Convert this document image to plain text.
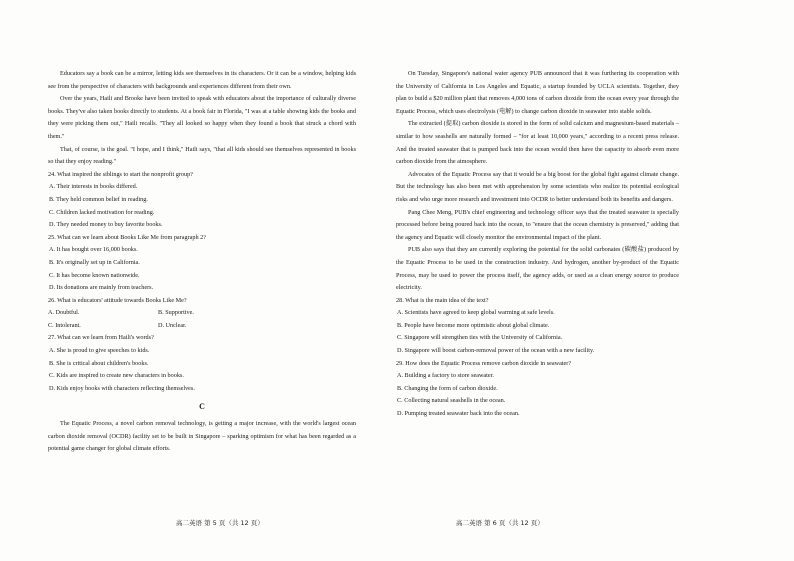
Educators say a book can be a mirror, letting kids see themselves in its characters. Or it can be a window, helping kids see from the perspective of characters with backgrounds and experiences different from their own.

Over the years, Haili and Brooke have been invited to speak with educators about the importance of culturally diverse books. They've also taken books directly to students. At a book fair in Florida, "I was at a table showing kids the books and they were picking them out," Haili recalls. "They all looked so happy when they found a book that struck a chord with them."

That, of course, is the goal. "I hope, and I think," Haili says, "that all kids should see themselves represented in books so that they enjoy reading."

24. What inspired the siblings to start the nonprofit group?

A. Their interests in books differed.

B. They held common belief in reading.

C. Children lacked motivation for reading.

D. They needed money to buy favorite books.

25. What can we learn about Books Like Me from paragraph 2?

A. It has bought over 16,000 books.

B. It's originally set up in California.

C. It has become known nationwide.

D. Its donations are mainly from teachers.

26. What is educators' attitude towards Books Like Me?

A. Doubtful.	B. Supportive.
C. Intolerant.	D. Unclear.

27. What can we learn from Haili's words?

A. She is proud to give speeches to kids.

B. She is critical about children's books.

C. Kids are inspired to create new characters in books.

D. Kids enjoy books with characters reflecting themselves.

C

The Equatic Process, a novel carbon removal technology, is getting a major increase, with the world's largest ocean carbon dioxide removal (OCDR) facility set to be built in Singapore – sparking optimism for what has been regarded as a potential game changer for global climate efforts.

On Tuesday, Singapore's national water agency PUB announced that it was furthering its cooperation with the University of California in Los Angeles and Equatic, a startup founded by UCLA scientists. Together, they plan to build a $20 million plant that removes 4,000 tons of carbon dioxide from the ocean every year through the Equatic Process, which uses electrolysis (电解) to change carbon dioxide in seawater into stable solids.

The extracted (提取) carbon dioxide is stored in the form of solid calcium and magnesium-based materials – similar to how seashells are naturally formed – "for at least 10,000 years," according to a recent press release. And the treated seawater that is pumped back into the ocean would then have the capacity to absorb even more carbon dioxide from the atmosphere.

Advocates of the Equatic Process say that it would be a big boost for the global fight against climate change. But the technology has also been met with apprehension by some scientists who realize its potential ecological risks and who urge more research and investment into OCDR to better understand both its benefits and dangers.

Pang Chee Meng, PUB's chief engineering and technology officer says that the treated seawater is specially processed before being poured back into the ocean, to "ensure that the ocean chemistry is preserved," adding that the agency and Equatic will closely monitor the environmental impact of the plant.

PUB also says that they are currently exploring the potential for the solid carbonates (碳酸盐) produced by the Equatic Process to be used in the construction industry. And hydrogen, another by-product of the Equatic Process, may be used to power the process itself, the agency adds, or used as a clean energy source to produce electricity.

28. What is the main idea of the text?

A. Scientists have agreed to keep global warming at safe levels.

B. People have become more optimistic about global climate.

C. Singapore will strengthen ties with the University of California.

D. Singapore will boost carbon-removal power of the ocean with a new facility.

29. How does the Equatic Process remove carbon dioxide in seawater?

A. Building a factory to store seawater.

B. Changing the form of carbon dioxide.

C. Collecting natural seashells in the ocean.

D. Pumping treated seawater back into the ocean.

高二英语 第 5 页（共 12 页）	高二英语 第 6 页（共 12 页）
